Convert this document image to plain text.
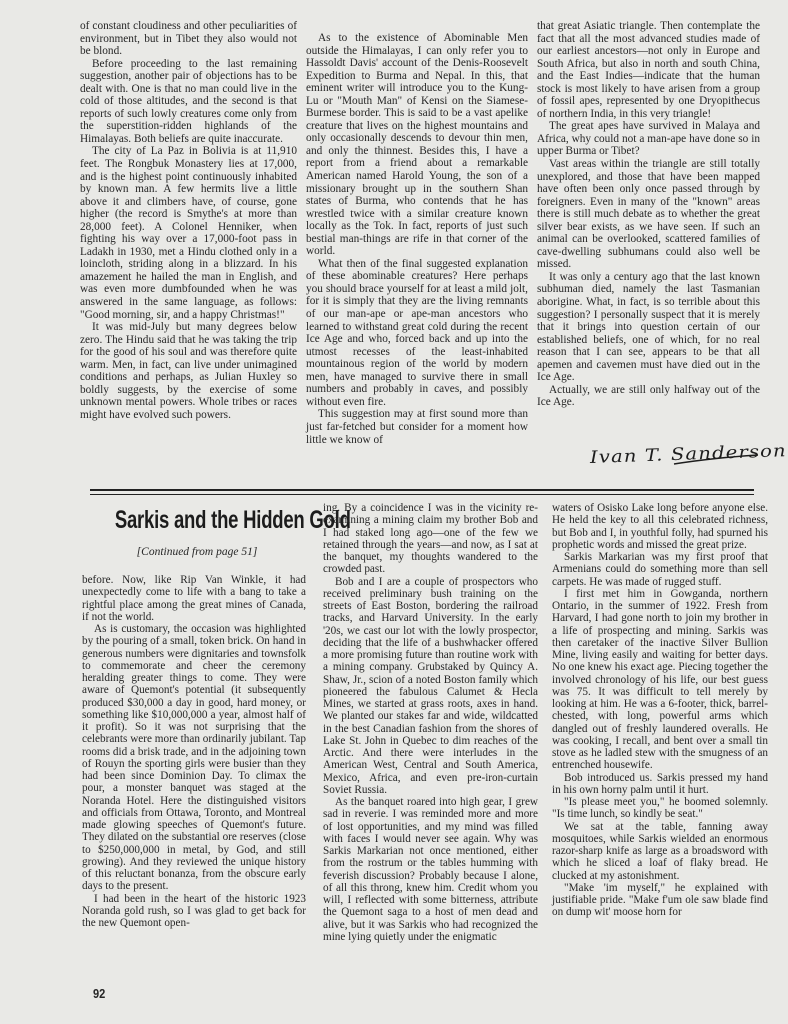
of constant cloudiness and other peculiarities of environment, but in Tibet they also would not be blond.

Before proceeding to the last remaining suggestion, another pair of objections has to be dealt with. One is that no man could live in the cold of those altitudes, and the second is that reports of such lowly creatures come only from the superstition-ridden highlands of the Himalayas. Both beliefs are quite inaccurate.

The city of La Paz in Bolivia is at 11,910 feet. The Rongbuk Monastery lies at 17,000, and is the highest point continuously inhabited by known man. A few hermits live a little above it and climbers have, of course, gone higher (the record is Smythe's at more than 28,000 feet). A Colonel Henniker, when fighting his way over a 17,000-foot pass in Ladakh in 1930, met a Hindu clothed only in a loincloth, striding along in a blizzard. In his amazement he hailed the man in English, and was even more dumbfounded when he was answered in the same language, as follows: "Good morning, sir, and a happy Christmas!"

It was mid-July but many degrees below zero. The Hindu said that he was taking the trip for the good of his soul and was therefore quite warm. Men, in fact, can live under unimagined conditions and perhaps, as Julian Huxley so boldly suggests, by the exercise of some unknown mental powers. Whole tribes or races might have evolved such powers.

As to the existence of Abominable Men outside the Himalayas, I can only refer you to Hassoldt Davis' account of the Denis-Roosevelt Expedition to Burma and Nepal. In this, that eminent writer will introduce you to the Kung-Lu or "Mouth Man" of Kensi on the Siamese-Burmese border. This is said to be a vast apelike creature that lives on the highest mountains and only occasionally descends to devour thin men, and only the thinnest. Besides this, I have a report from a friend about a remarkable American named Harold Young, the son of a missionary brought up in the southern Shan states of Burma, who contends that he has wrestled twice with a similar creature known locally as the Tok. In fact, reports of just such bestial man-things are rife in that corner of the world.

What then of the final suggested explanation of these abominable creatures? Here perhaps you should brace yourself for at least a mild jolt, for it is simply that they are the living remnants of our man-ape or ape-man ancestors who learned to withstand great cold during the recent Ice Age and who, forced back and up into the utmost recesses of the least-inhabited mountainous region of the world by modern men, have managed to survive there in small numbers and probably in caves, and possibly without even fire.

This suggestion may at first sound more than just far-fetched but consider for a moment how little we know of

that great Asiatic triangle. Then contemplate the fact that all the most advanced studies made of our earliest ancestors—not only in Europe and South Africa, but also in north and south China, and the East Indies—indicate that the human stock is most likely to have arisen from a group of fossil apes, represented by one Dryopithecus of northern India, in this very triangle!

The great apes have survived in Malaya and Africa, why could not a man-ape have done so in upper Burma or Tibet?

Vast areas within the triangle are still totally unexplored, and those that have been mapped have often been only once passed through by foreigners. Even in many of the "known" areas there is still much debate as to whether the great silver bear exists, as we have seen. If such an animal can be overlooked, scattered families of cave-dwelling subhumans could also well be missed.

It was only a century ago that the last known subhuman died, namely the last Tasmanian aborigine. What, in fact, is so terrible about this suggestion? I personally suspect that it is merely that it brings into question certain of our established beliefs, one of which, for no real reason that I can see, appears to be that all apemen and cavemen must have died out in the Ice Age.

Actually, we are still only halfway out of the Ice Age.

Ivan T. Sanderson
Sarkis and the Hidden Gold
[Continued from page 51]

before. Now, like Rip Van Winkle, it had unexpectedly come to life with a bang to take a rightful place among the great mines of Canada, if not the world.

As is customary, the occasion was highlighted by the pouring of a small, token brick. On hand in generous numbers were dignitaries and townsfolk to commemorate and cheer the ceremony heralding greater things to come. They were aware of Quemont's potential (it subsequently produced $30,000 a day in good, hard money, or something like $10,000,000 a year, almost half of it profit). So it was not surprising that the celebrants were more than ordinarily jubilant. Tap rooms did a brisk trade, and in the adjoining town of Rouyn the sporting girls were busier than they had been since Dominion Day. To climax the pour, a monster banquet was staged at the Noranda Hotel. Here the distinguished visitors and officials from Ottawa, Toronto, and Montreal made glowing speeches of Quemont's future. They dilated on the substantial ore reserves (close to $250,000,000 in metal, by God, and still growing). And they reviewed the unique history of this reluctant bonanza, from the obscure early days to the present.

I had been in the heart of the historic 1923 Noranda gold rush, so I was glad to get back for the new Quemont open-

ing. By a coincidence I was in the vicinity re-examining a mining claim my brother Bob and I had staked long ago—one of the few we retained through the years—and now, as I sat at the banquet, my thoughts wandered to the crowded past.

Bob and I are a couple of prospectors who received preliminary bush training on the streets of East Boston, bordering the railroad tracks, and Harvard University. In the early '20s, we cast our lot with the lowly prospector, deciding that the life of a bushwhacker offered a more promising future than routine work with a mining company. Grubstaked by Quincy A. Shaw, Jr., scion of a noted Boston family which pioneered the fabulous Calumet & Hecla Mines, we started at grass roots, axes in hand. We planted our stakes far and wide, wildcatted in the best Canadian fashion from the shores of Lake St. John in Quebec to dim reaches of the Arctic. And there were interludes in the American West, Central and South America, Mexico, Africa, and even pre-iron-curtain Soviet Russia.

As the banquet roared into high gear, I grew sad in reverie. I was reminded more and more of lost opportunities, and my mind was filled with faces I would never see again. Why was Sarkis Markarian not once mentioned, either from the rostrum or the tables humming with feverish discussion? Probably because I alone, of all this throng, knew him. Credit whom you will, I reflected with some bitterness, attribute the Quemont saga to a host of men dead and alive, but it was Sarkis who had recognized the mine lying quietly under the enigmatic

waters of Osisko Lake long before anyone else. He held the key to all this celebrated richness, but Bob and I, in youthful folly, had spurned his prophetic words and missed the great prize.

Sarkis Markarian was my first proof that Armenians could do something more than sell carpets. He was made of rugged stuff.

I first met him in Gowganda, northern Ontario, in the summer of 1922. Fresh from Harvard, I had gone north to join my brother in a life of prospecting and mining. Sarkis was then caretaker of the inactive Silver Bullion Mine, living easily and waiting for better days. No one knew his exact age. Piecing together the involved chronology of his life, our best guess was 75. It was difficult to tell merely by looking at him. He was a 6-footer, thick, barrel-chested, with long, powerful arms which dangled out of freshly laundered overalls. He was cooking, I recall, and bent over a small tin stove as he ladled stew with the smugness of an entrenched housewife.

Bob introduced us. Sarkis pressed my hand in his own horny palm until it hurt.

"Is please meet you," he boomed solemnly. "Is time lunch, so kindly be seat."

We sat at the table, fanning away mosquitoes, while Sarkis wielded an enormous razor-sharp knife as large as a broadsword with which he sliced a loaf of flaky bread. He clucked at my astonishment.

"Make 'im myself," he explained with justifiable pride. "Make f'um ole saw blade find on dump wit' moose horn for

92
